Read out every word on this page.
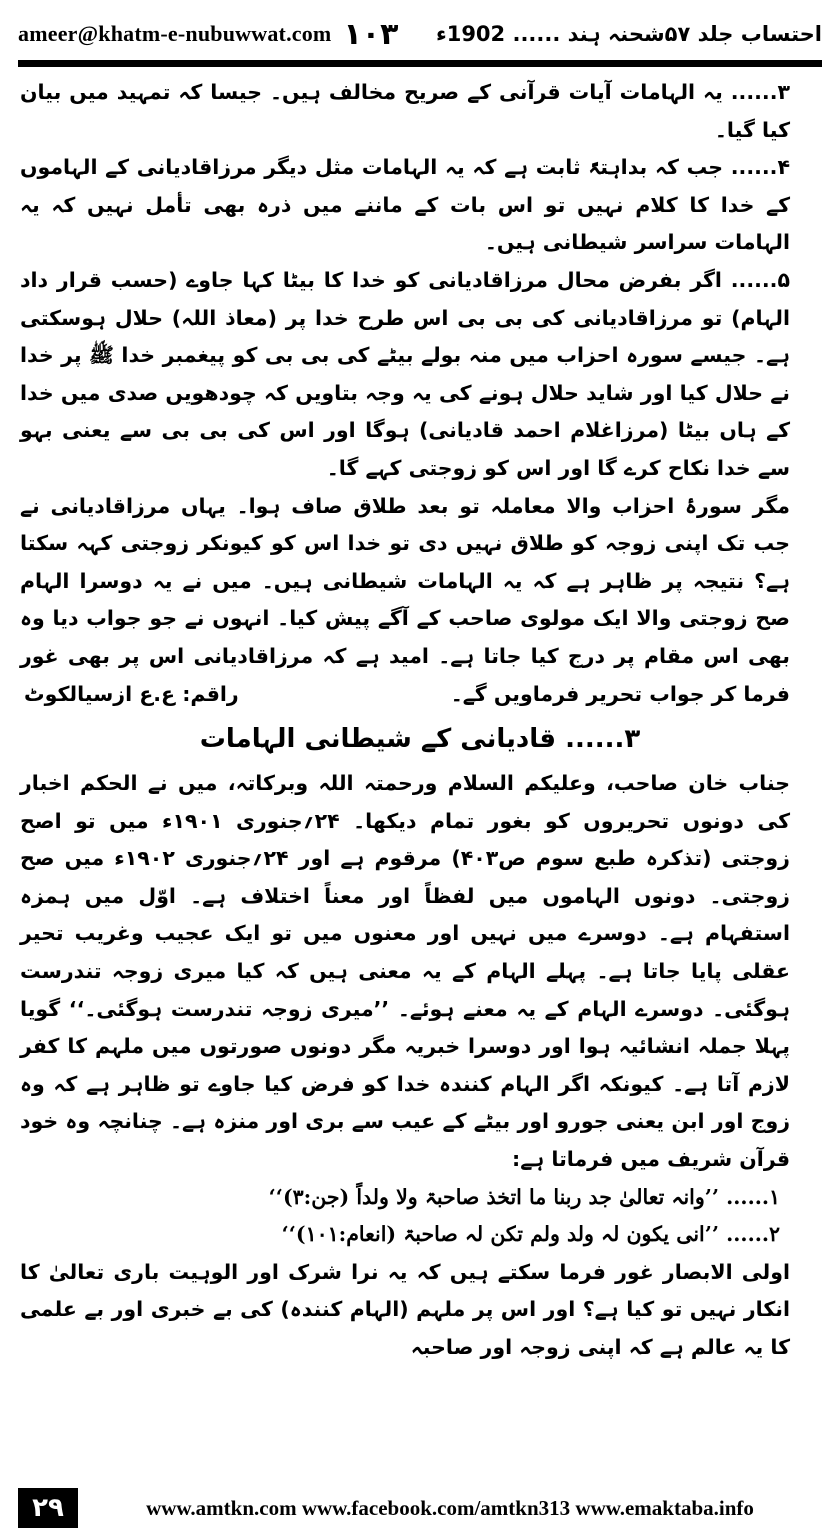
ameer@khatm-e-nubuwwat.com ۱۰۳ احتساب جلد ۵۷شحنہ ہند ...... 1902ء

۳...... یہ الہامات آیات قرآنی کے صریح مخالف ہیں۔ جیسا کہ تمہید میں بیان کیا گیا۔

۴...... جب کہ بداہتہً ثابت ہے کہ یہ الہامات مثل دیگر مرزاقادیانی کے الہاموں کے خدا کا کلام نہیں تو اس بات کے ماننے میں ذرہ بھی تأمل نہیں کہ یہ الہامات سراسر شیطانی ہیں۔

۵...... اگر بفرض محال مرزاقادیانی کو خدا کا بیٹا کہا جاوے (حسب قرار داد الہام) تو مرزاقادیانی کی بی بی اس طرح خدا پر (معاذ اللہ) حلال ہوسکتی ہے۔ جیسے سورہ احزاب میں منہ بولے بیٹے کی بی بی کو پیغمبر خدا ﷺ پر خدا نے حلال کیا اور شاید حلال ہونے کی یہ وجہ بتاویں کہ چودھویں صدی میں خدا کے ہاں بیٹا (مرزاغلام احمد قادیانی) ہوگا اور اس کی بی بی سے یعنی بہو سے خدا نکاح کرے گا اور اس کو زوجتی کہے گا۔

مگر سورۂ احزاب والا معاملہ تو بعد طلاق صاف ہوا۔ یہاں مرزاقادیانی نے جب تک اپنی زوجہ کو طلاق نہیں دی تو خدا اس کو کیونکر زوجتی کہہ سکتا ہے؟ نتیجہ پر ظاہر ہے کہ یہ الہامات شیطانی ہیں۔ میں نے یہ دوسرا الہام صح زوجتی والا ایک مولوی صاحب کے آگے پیش کیا۔ انہوں نے جو جواب دیا وہ بھی اس مقام پر درج کیا جاتا ہے۔ امید ہے کہ مرزاقادیانی اس پر بھی غور فرما کر جواب تحریر فرماویں گے۔
راقم: ع.ع ازسیالکوٹ

۳...... قادیانی کے شیطانی الہامات

جناب خان صاحب، وعلیکم السلام ورحمتہ اللہ وبرکاتہ، میں نے الحکم اخبار کی دونوں تحریروں کو بغور تمام دیکھا۔ ۲۴؍جنوری ۱۹۰۱ء میں تو اصح زوجتی (تذکرہ طبع سوم ص۴۰۳) مرقوم ہے اور ۲۴؍جنوری ۱۹۰۲ء میں صح زوجتی۔ دونوں الہاموں میں لفظاً اور معناً اختلاف ہے۔ اوّل میں ہمزہ استفہام ہے۔ دوسرے میں نہیں اور معنوں میں تو ایک عجیب وغریب تحیر عقلی پایا جاتا ہے۔ پہلے الہام کے یہ معنی ہیں کہ کیا میری زوجہ تندرست ہوگئی۔ دوسرے الہام کے یہ معنے ہوئے۔ ’’میری زوجہ تندرست ہوگئی۔‘‘ گویا پہلا جملہ انشائیہ ہوا اور دوسرا خبریہ مگر دونوں صورتوں میں ملہم کا کفر لازم آتا ہے۔ کیونکہ اگر الہام کنندہ خدا کو فرض کیا جاوے تو ظاہر ہے کہ وہ زوج اور ابن یعنی جورو اور بیٹے کے عیب سے بری اور منزہ ہے۔ چنانچہ وہ خود قرآن شریف میں فرماتا ہے:

۱...... ’’وانہ تعالیٰ جد ربنا ما اتخذ صاحبۃ ولا ولداً (جن:۳)‘‘

۲...... ’’انی یکون لہ ولد ولم تکن لہ صاحبۃ (انعام:۱۰۱)‘‘

اولی الابصار غور فرما سکتے ہیں کہ یہ نرا شرک اور الوہیت باری تعالیٰ کا انکار نہیں تو کیا ہے؟ اور اس پر ملہم (الہام کنندہ) کی بے خبری اور بے علمی کا یہ عالم ہے کہ اپنی زوجہ اور صاحبہ

۲۹	www.amtkn.com www.facebook.com/amtkn313 www.emaktaba.info
